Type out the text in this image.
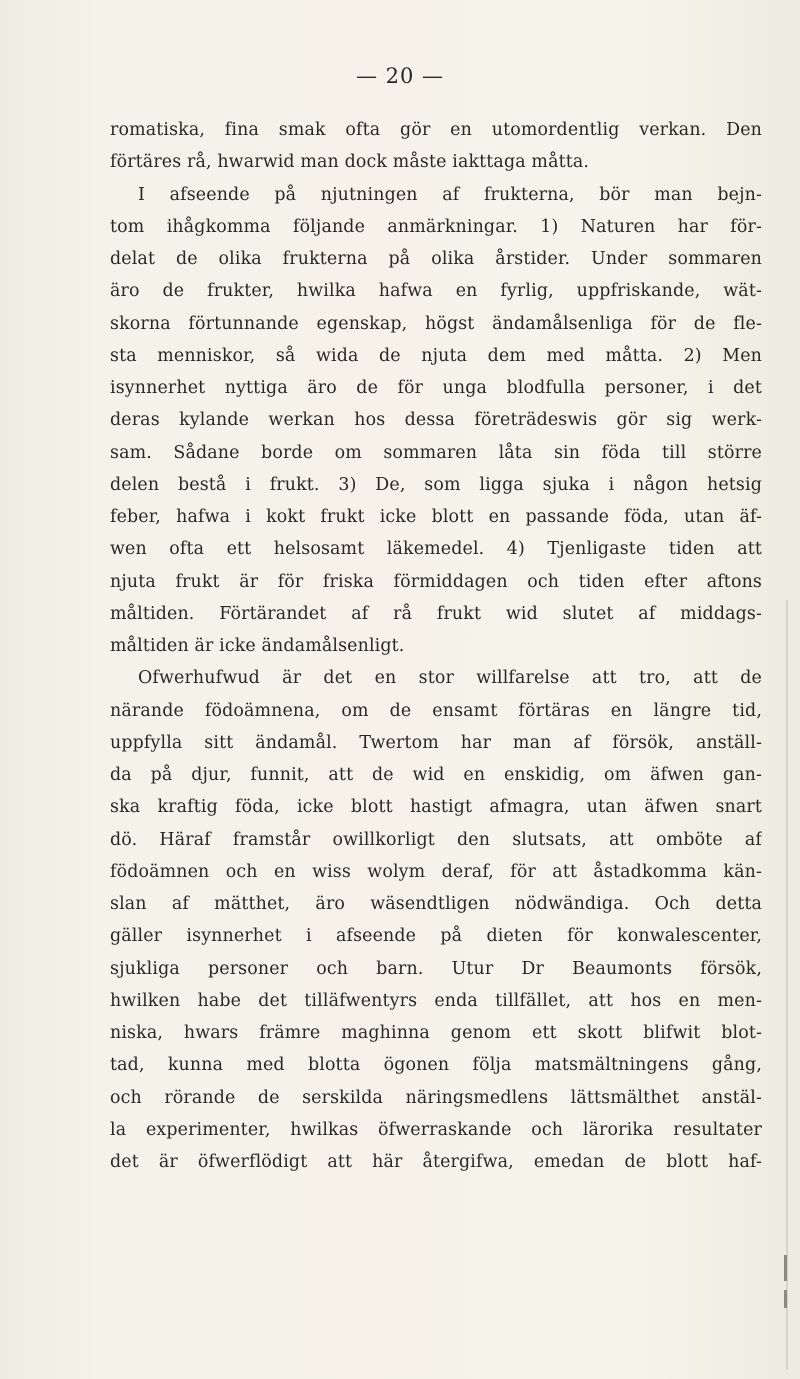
— 20 —
romatiska, fina smak ofta gör en utomordentlig verkan. Den
förtäres rå, hwarwid man dock måste iakttaga måtta.
I afseende på njutningen af frukterna, bör man bejn-
tom ihågkomma följande anmärkningar. 1) Naturen har för-
delat de olika frukterna på olika årstider. Under sommaren
äro de frukter, hwilka hafwa en fyrlig, uppfriskande, wät-
skorna förtunnande egenskap, högst ändamålsenliga för de fle-
sta menniskor, så wida de njuta dem med måtta. 2) Men
isynnerhet nyttiga äro de för unga blodfulla personer, i det
deras kylande werkan hos dessa företrädeswis gör sig werk-
sam. Sådane borde om sommaren låta sin föda till större
delen bestå i frukt. 3) De, som ligga sjuka i någon hetsig
feber, hafwa i kokt frukt icke blott en passande föda, utan äf-
wen ofta ett helsosamt läkemedel. 4) Tjenligaste tiden att
njuta frukt är för friska förmiddagen och tiden efter aftons
måltiden. Förtärandet af rå frukt wid slutet af middags-
måltiden är icke ändamålsenligt.
Ofwerhufwud är det en stor willfarelse att tro, att de
närande födoämnena, om de ensamt förtäras en längre tid,
uppfylla sitt ändamål. Twertom har man af försök, anställ-
da på djur, funnit, att de wid en enskidig, om äfwen gan-
ska kraftig föda, icke blott hastigt afmagra, utan äfwen snart
dö. Häraf framstår owillkorligt den slutsats, att omböte af
födoämnen och en wiss wolym deraf, för att åstadkomma kän-
slan af mätthet, äro wäsendtligen nödwändiga. Och detta
gäller isynnerhet i afseende på dieten för konwalescenter,
sjukliga personer och barn. Utur Dr Beaumonts försök,
hwilken habe det tilläfwentyrs enda tillfället, att hos en men-
niska, hwars främre maghinna genom ett skott blifwit blot-
tad, kunna med blotta ögonen följa matsmältningens gång,
och rörande de serskilda näringsmedlens lättsmälthet anstäl-
la experimenter, hwilkas öfwerraskande och lärorika resultater
det är öfwerflödigt att här återgifwa, emedan de blott haf-
